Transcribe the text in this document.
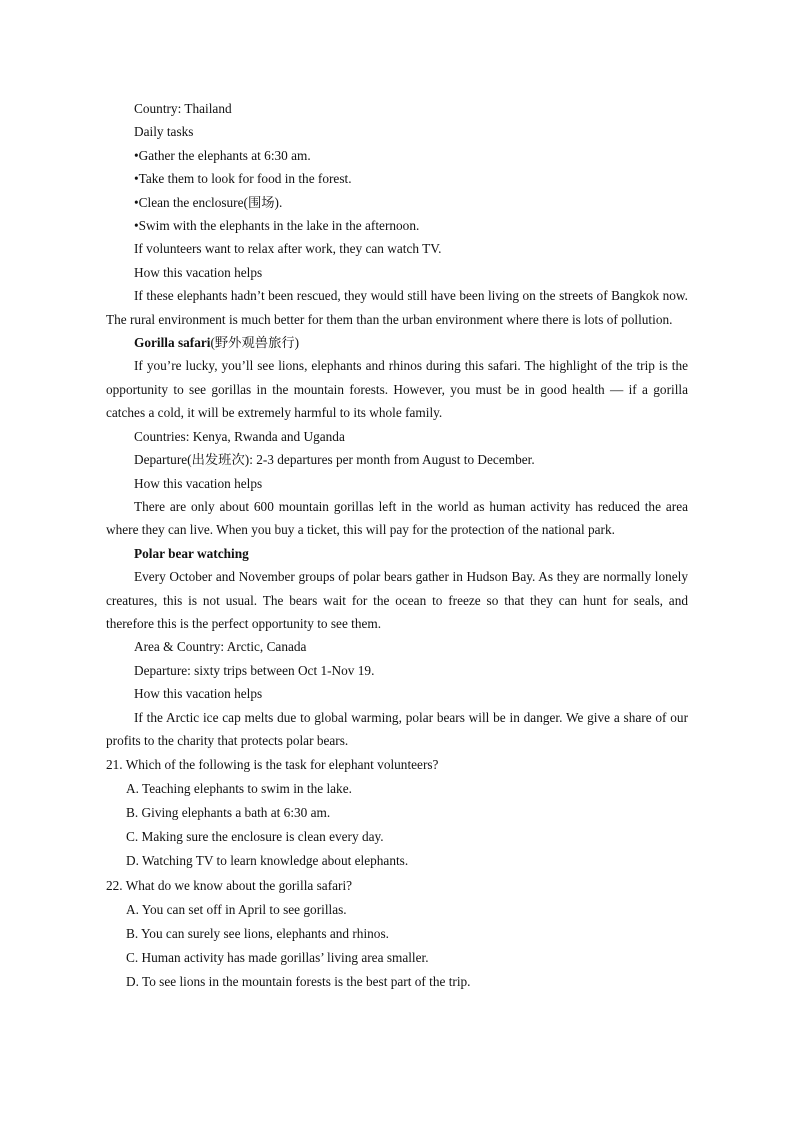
Country: Thailand
Daily tasks
•Gather the elephants at 6:30 am.
•Take them to look for food in the forest.
•Clean the enclosure(围场).
•Swim with the elephants in the lake in the afternoon.
If volunteers want to relax after work, they can watch TV.
How this vacation helps
If these elephants hadn’t been rescued, they would still have been living on the streets of Bangkok now. The rural environment is much better for them than the urban environment where there is lots of pollution.
Gorilla safari(野外观兽旅行)
If you’re lucky, you’ll see lions, elephants and rhinos during this safari. The highlight of the trip is the opportunity to see gorillas in the mountain forests. However, you must be in good health — if a gorilla catches a cold, it will be extremely harmful to its whole family.
Countries: Kenya, Rwanda and Uganda
Departure(出发班次): 2-3 departures per month from August to December.
How this vacation helps
There are only about 600 mountain gorillas left in the world as human activity has reduced the area where they can live. When you buy a ticket, this will pay for the protection of the national park.
Polar bear watching
Every October and November groups of polar bears gather in Hudson Bay. As they are normally lonely creatures, this is not usual. The bears wait for the ocean to freeze so that they can hunt for seals, and therefore this is the perfect opportunity to see them.
Area & Country: Arctic, Canada
Departure: sixty trips between Oct 1-Nov 19.
How this vacation helps
If the Arctic ice cap melts due to global warming, polar bears will be in danger. We give a share of our profits to the charity that protects polar bears.
21. Which of the following is the task for elephant volunteers?
A. Teaching elephants to swim in the lake.
B. Giving elephants a bath at 6:30 am.
C. Making sure the enclosure is clean every day.
D. Watching TV to learn knowledge about elephants.
22. What do we know about the gorilla safari?
A. You can set off in April to see gorillas.
B. You can surely see lions, elephants and rhinos.
C. Human activity has made gorillas’ living area smaller.
D. To see lions in the mountain forests is the best part of the trip.
